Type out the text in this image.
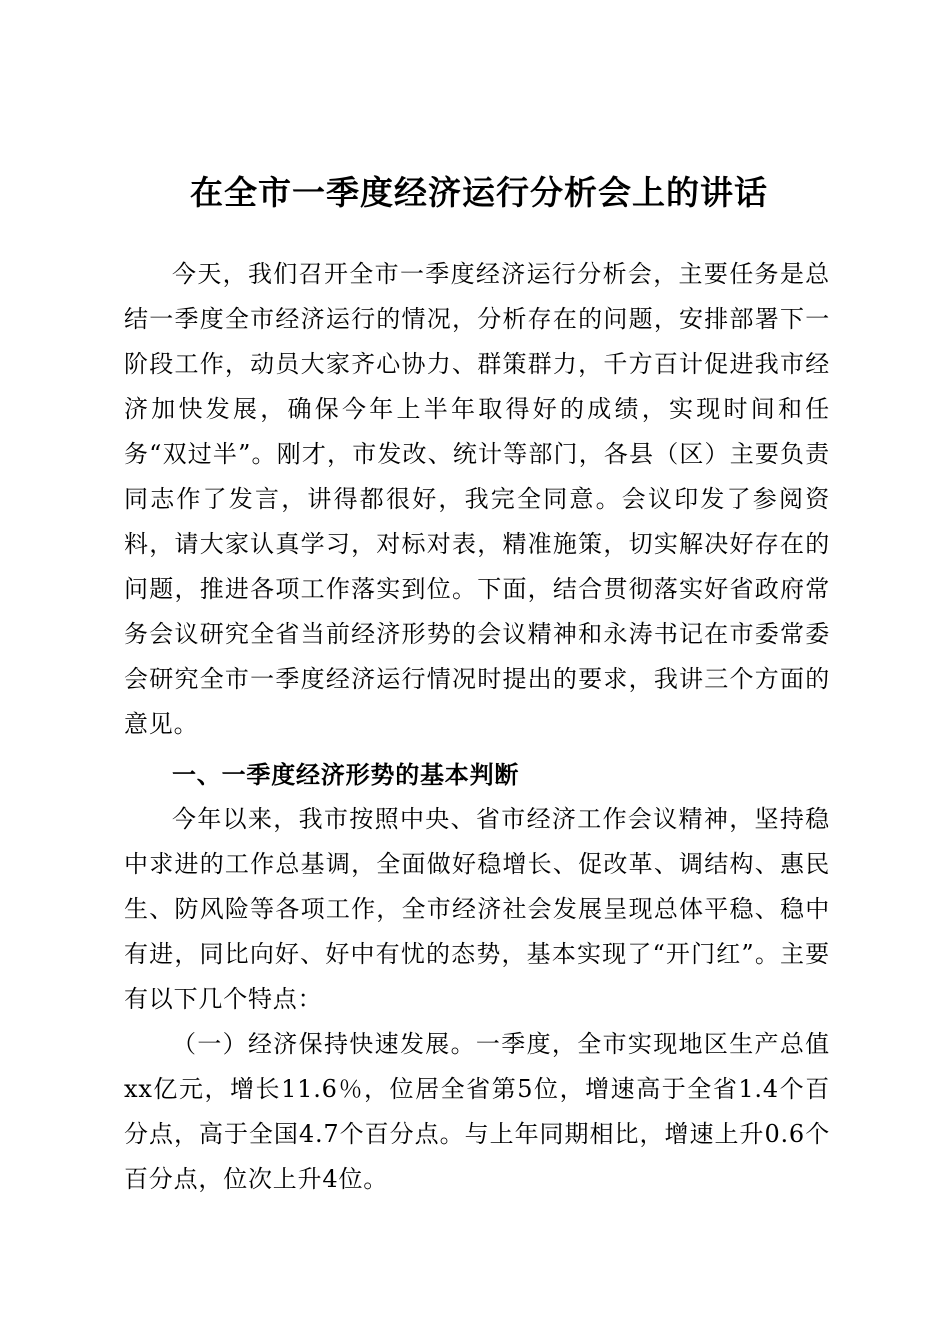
在全市一季度经济运行分析会上的讲话

今天，我们召开全市一季度经济运行分析会，主要任务是总结一季度全市经济运行的情况，分析存在的问题，安排部署下一阶段工作，动员大家齐心协力、群策群力，千方百计促进我市经济加快发展，确保今年上半年取得好的成绩，实现时间和任务“双过半”。刚才，市发改、统计等部门，各县（区）主要负责同志作了发言，讲得都很好，我完全同意。会议印发了参阅资料，请大家认真学习，对标对表，精准施策，切实解决好存在的问题，推进各项工作落实到位。下面，结合贯彻落实好省政府常务会议研究全省当前经济形势的会议精神和永涛书记在市委常委会研究全市一季度经济运行情况时提出的要求，我讲三个方面的意见。

一、一季度经济形势的基本判断

今年以来，我市按照中央、省市经济工作会议精神，坚持稳中求进的工作总基调，全面做好稳增长、促改革、调结构、惠民生、防风险等各项工作，全市经济社会发展呈现总体平稳、稳中有进，同比向好、好中有忧的态势，基本实现了“开门红”。主要有以下几个特点：

（一）经济保持快速发展。一季度，全市实现地区生产总值xx亿元，增长11.6％，位居全省第5位，增速高于全省1.4个百分点，高于全国4.7个百分点。与上年同期相比，增速上升0.6个百分点，位次上升4位。
